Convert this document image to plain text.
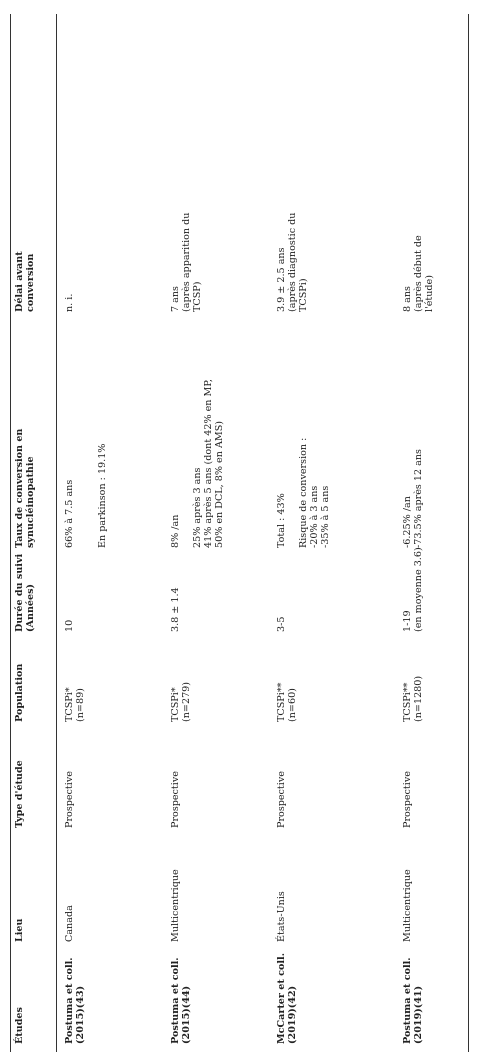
Études
Lieu
Type d'étude
Population
Durée du suivi (Années)
Taux de conversion en synucléinopathie
Délai avant conversion
Postuma et coll. (2015)(43)
Canada
Prospective
TCSPi* (n=89)
10
66% à 7.5 ans

En parkinson : 19.1%
n. i.
Postuma et coll. (2015)(44)
Multicentrique
Prospective
TCSPi* (n=279)
3.8 ± 1.4
8% /an
25% après 3 ans 41% après 5 ans (dont 42% en MP, 50% en DCL, 8% en AMS)
7 ans (après apparition du TCSP)
McCarter et coll. (2019)(42)
États-Unis
Prospective
TCSPi** (n=60)
3-5
Total : 43%
Risque de conversion : -20% à 3 ans -35% à 5 ans
3.9 ± 2.5 ans (après diagnostic du TCSPi)
Postuma et coll. (2019)(41)
Multicentrique
Prospective
TCSPi** (n=1280)
1-19 (en moyenne 3.6)
-6.25% /an -73.5% après 12 ans
8 ans (après début de l'étude)
